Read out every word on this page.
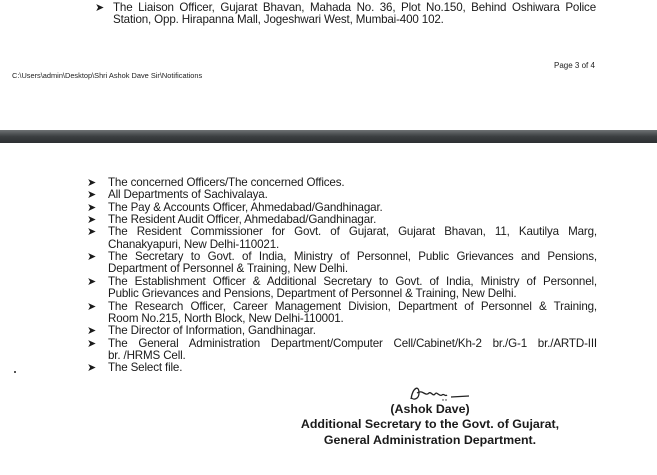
➤ The Liaison Officer, Gujarat Bhavan, Mahada No. 36, Plot No.150, Behind Oshiwara Police
Station, Opp. Hirapanna Mall, Jogeshwari West, Mumbai-400 102.
Page 3 of 4
C:\Users\admin\Desktop\Shri Ashok Dave Sir\Notifications
➤ The concerned Officers/The concerned Offices.
➤ All Departments of Sachivalaya.
➤ The Pay & Accounts Officer, Ahmedabad/Gandhinagar.
➤ The Resident Audit Officer, Ahmedabad/Gandhinagar.
➤ The Resident Commissioner for Govt. of Gujarat, Gujarat Bhavan, 11, Kautilya Marg,
Chanakyapuri, New Delhi-110021.
➤ The Secretary to Govt. of India, Ministry of Personnel, Public Grievances and Pensions,
Department of Personnel & Training, New Delhi.
➤ The Establishment Officer & Additional Secretary to Govt. of India, Ministry of Personnel,
Public Grievances and Pensions, Department of Personnel & Training, New Delhi.
➤ The Research Officer, Career Management Division, Department of Personnel & Training,
Room No.215, North Block, New Delhi-110001.
➤ The Director of Information, Gandhinagar.
➤ The General Administration Department/Computer Cell/Cabinet/Kh-2 br./G-1 br./ARTD-III
br. /HRMS Cell.
➤ The Select file.
(Ashok Dave)
Additional Secretary to the Govt. of Gujarat,
General Administration Department.
